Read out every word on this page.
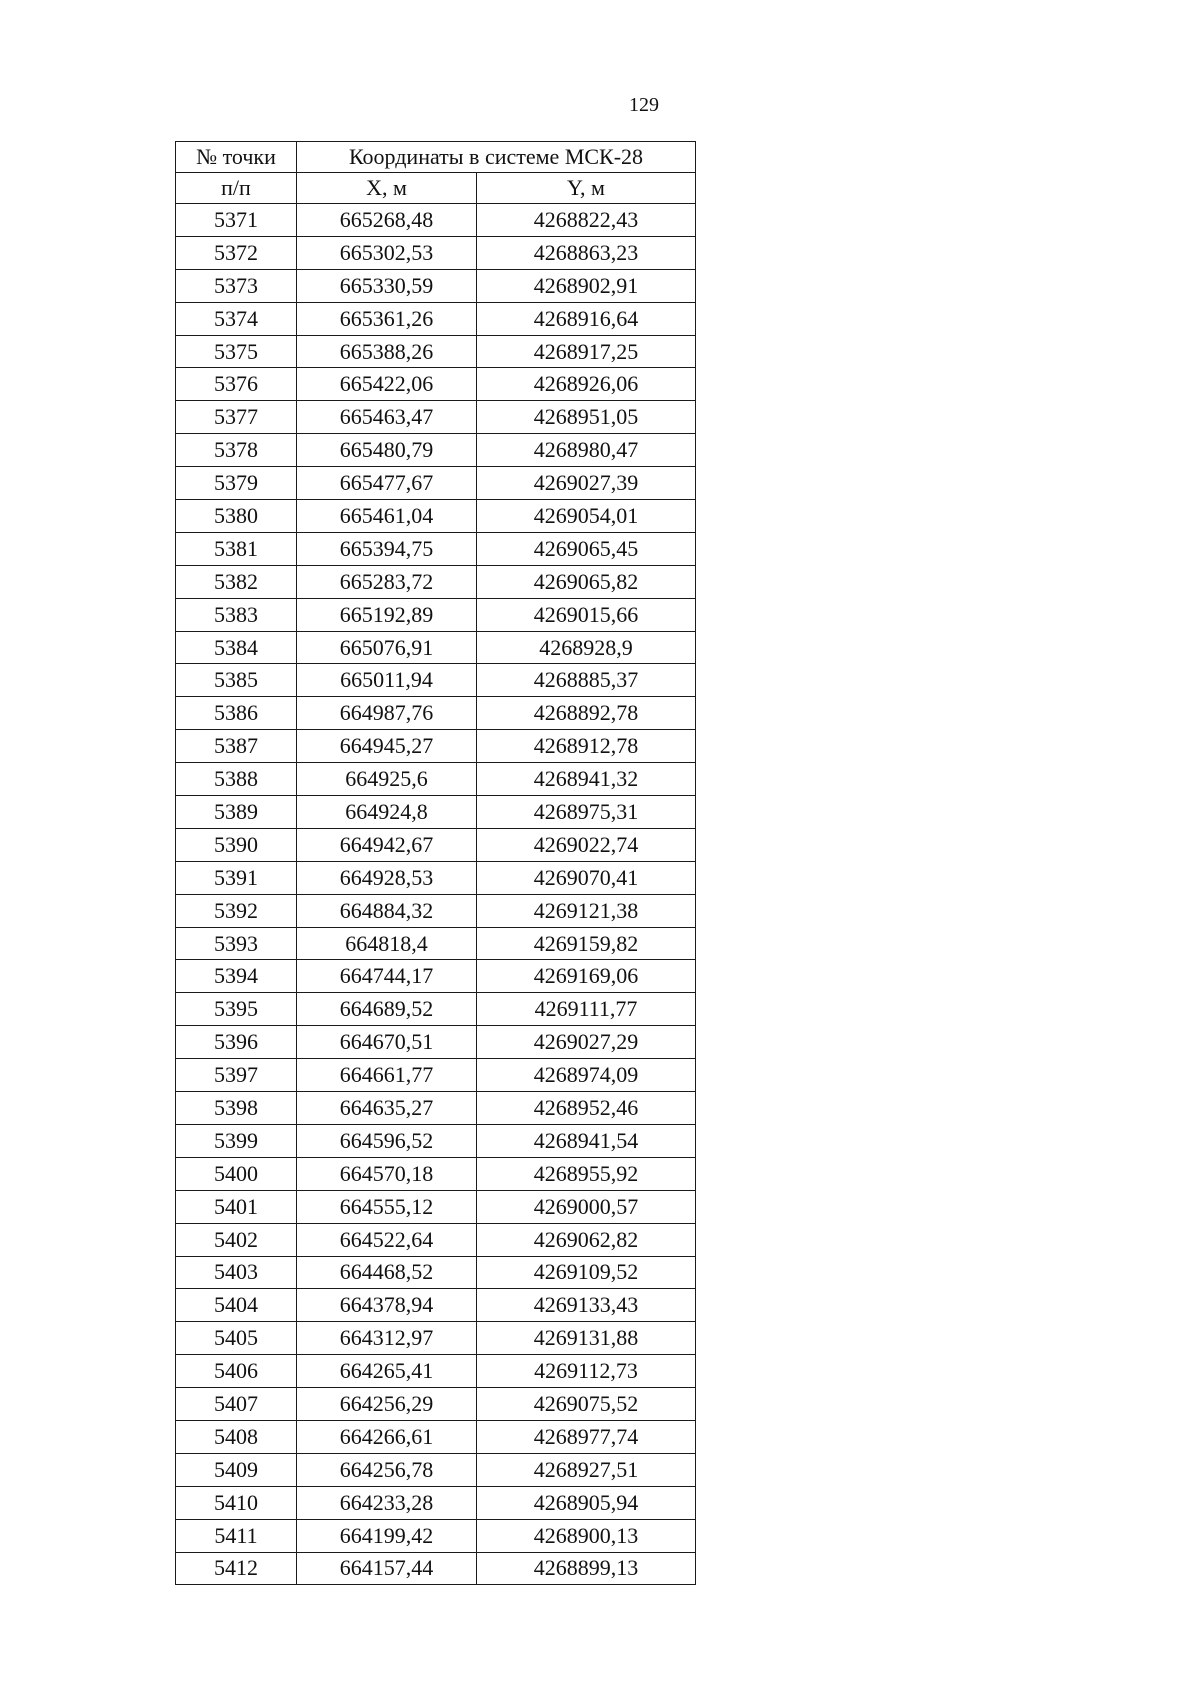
129
№ точки	Координаты в системе МСК-28	
п/п	X, м	Y, м
5371	665268,48	4268822,43
5372	665302,53	4268863,23
5373	665330,59	4268902,91
5374	665361,26	4268916,64
5375	665388,26	4268917,25
5376	665422,06	4268926,06
5377	665463,47	4268951,05
5378	665480,79	4268980,47
5379	665477,67	4269027,39
5380	665461,04	4269054,01
5381	665394,75	4269065,45
5382	665283,72	4269065,82
5383	665192,89	4269015,66
5384	665076,91	4268928,9
5385	665011,94	4268885,37
5386	664987,76	4268892,78
5387	664945,27	4268912,78
5388	664925,6	4268941,32
5389	664924,8	4268975,31
5390	664942,67	4269022,74
5391	664928,53	4269070,41
5392	664884,32	4269121,38
5393	664818,4	4269159,82
5394	664744,17	4269169,06
5395	664689,52	4269111,77
5396	664670,51	4269027,29
5397	664661,77	4268974,09
5398	664635,27	4268952,46
5399	664596,52	4268941,54
5400	664570,18	4268955,92
5401	664555,12	4269000,57
5402	664522,64	4269062,82
5403	664468,52	4269109,52
5404	664378,94	4269133,43
5405	664312,97	4269131,88
5406	664265,41	4269112,73
5407	664256,29	4269075,52
5408	664266,61	4268977,74
5409	664256,78	4268927,51
5410	664233,28	4268905,94
5411	664199,42	4268900,13
5412	664157,44	4268899,13
